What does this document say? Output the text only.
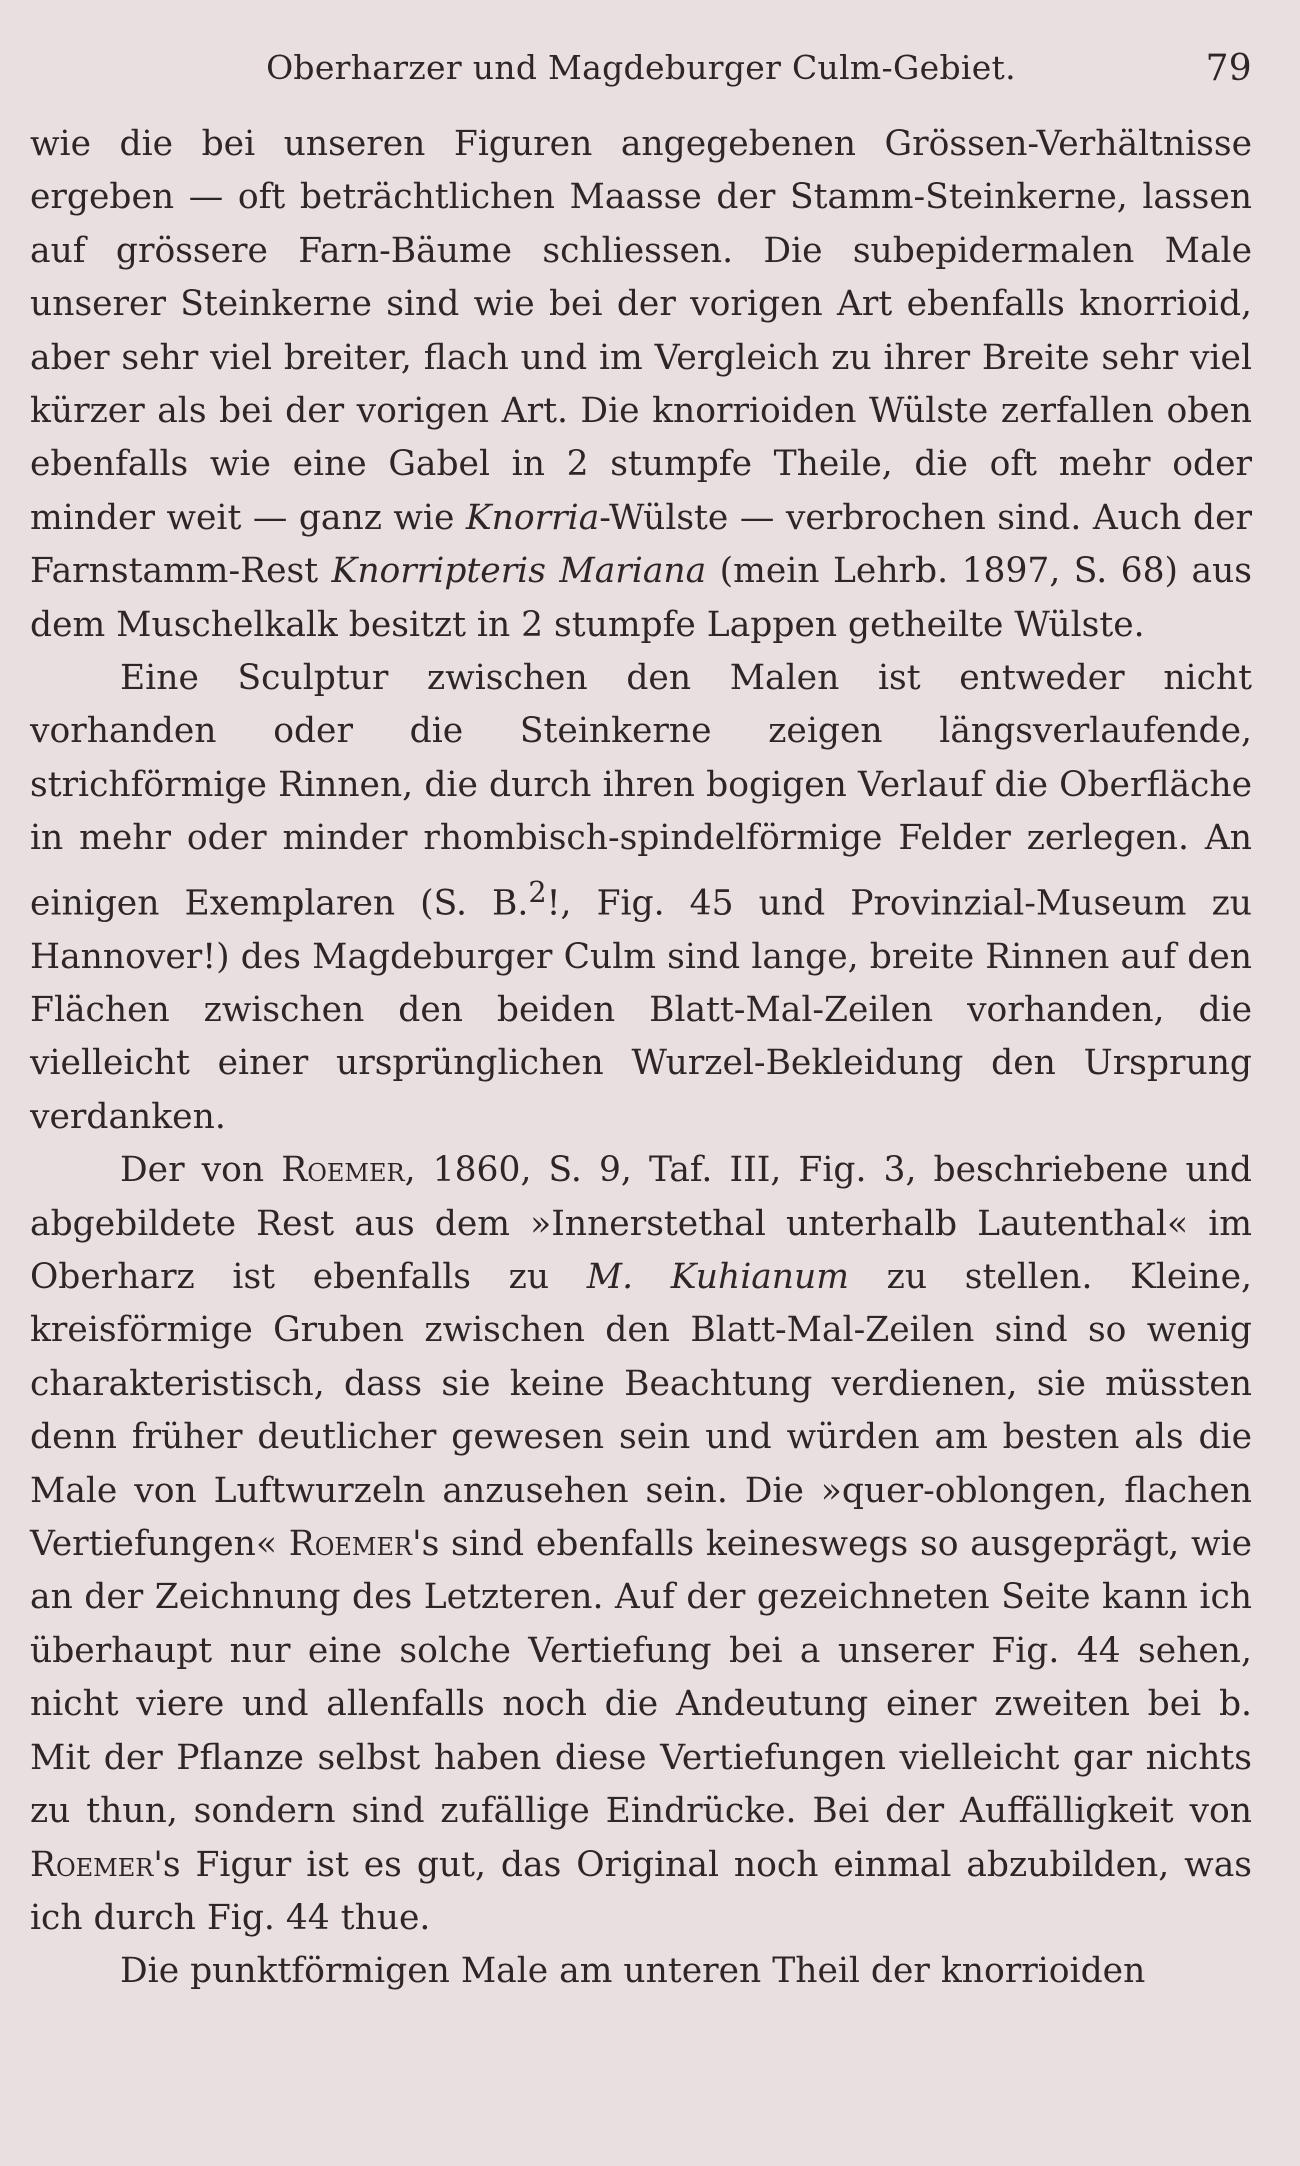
Oberharzer und Magdeburger Culm-Gebiet.	79

wie die bei unseren Figuren angegebenen Grössen-Verhältnisse ergeben — oft beträchtlichen Maasse der Stamm-Steinkerne, lassen auf grössere Farn-Bäume schliessen. Die subepidermalen Male unserer Steinkerne sind wie bei der vorigen Art ebenfalls knorrioid, aber sehr viel breiter, flach und im Vergleich zu ihrer Breite sehr viel kürzer als bei der vorigen Art. Die knorrioiden Wülste zerfallen oben ebenfalls wie eine Gabel in 2 stumpfe Theile, die oft mehr oder minder weit — ganz wie Knorria-Wülste — verbrochen sind. Auch der Farnstamm-Rest Knorripteris Mariana (mein Lehrb. 1897, S. 68) aus dem Muschelkalk besitzt in 2 stumpfe Lappen getheilte Wülste.

Eine Sculptur zwischen den Malen ist entweder nicht vorhanden oder die Steinkerne zeigen längsverlaufende, strichförmige Rinnen, die durch ihren bogigen Verlauf die Oberfläche in mehr oder minder rhombisch-spindelförmige Felder zerlegen. An einigen Exemplaren (S. B.$^2$!, Fig. 45 und Provinzial-Museum zu Hannover!) des Magdeburger Culm sind lange, breite Rinnen auf den Flächen zwischen den beiden Blatt-Mal-Zeilen vorhanden, die vielleicht einer ursprünglichen Wurzel-Bekleidung den Ursprung verdanken.

Der von Roemer, 1860, S. 9, Taf. III, Fig. 3, beschriebene und abgebildete Rest aus dem »Innerstethal unterhalb Lautenthal« im Oberharz ist ebenfalls zu M. Kuhianum zu stellen. Kleine, kreisförmige Gruben zwischen den Blatt-Mal-Zeilen sind so wenig charakteristisch, dass sie keine Beachtung verdienen, sie müssten denn früher deutlicher gewesen sein und würden am besten als die Male von Luftwurzeln anzusehen sein. Die »quer-oblongen, flachen Vertiefungen« Roemer's sind ebenfalls keineswegs so ausgeprägt, wie an der Zeichnung des Letzteren. Auf der gezeichneten Seite kann ich überhaupt nur eine solche Vertiefung bei a unserer Fig. 44 sehen, nicht viere und allenfalls noch die Andeutung einer zweiten bei b. Mit der Pflanze selbst haben diese Vertiefungen vielleicht gar nichts zu thun, sondern sind zufällige Eindrücke. Bei der Auffälligkeit von Roemer's Figur ist es gut, das Original noch einmal abzubilden, was ich durch Fig. 44 thue.

Die punktförmigen Male am unteren Theil der knorrioiden
